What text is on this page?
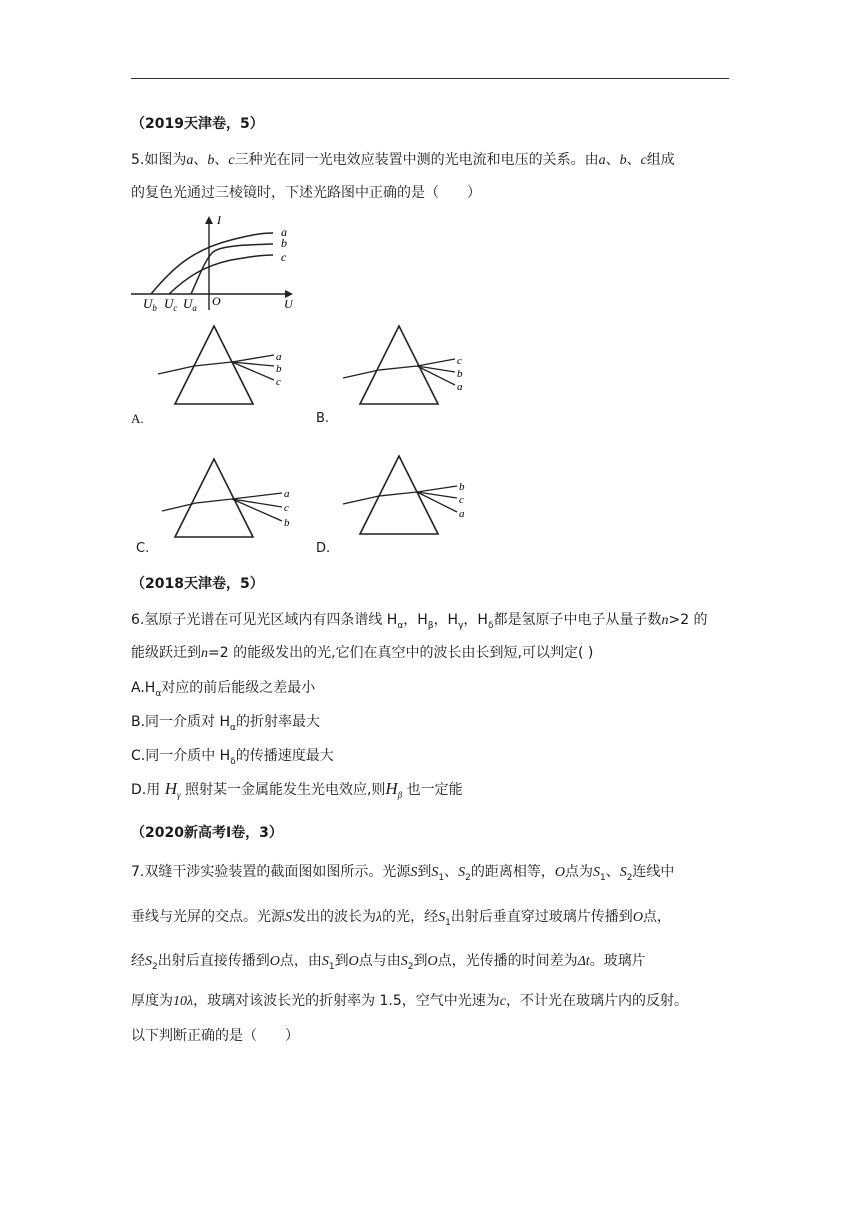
（2019天津卷，5）
5.如图为a、b、c三种光在同一光电效应装置中测的光电流和电压的关系。由a、b、c组成
的复色光通过三棱镜时，下述光路图中正确的是（　　）
I
a
b
c
$U_b$ $U_c$ $U_a$ O	U
a
b
c
A.
c
b
a
B.
a
c
b
C.
b
c
a
D.
（2018天津卷，5）
6.氢原子光谱在可见光区域内有四条谱线 $H_\alpha$，$H_\beta$，$H_\gamma$，$H_\delta$都是氢原子中电子从量子数n>2 的
能级跃迁到n=2 的能级发出的光,它们在真空中的波长由长到短,可以判定( )
$A.H_\alpha$对应的前后能级之差最小
B.同一介质对 $H_\alpha$的折射率最大
C.同一介质中 $H_\delta$的传播速度最大
D.用 $H_\gamma$ 照射某一金属能发生光电效应,则$H_\beta$ 也一定能
（2020新高考Ⅰ卷，3）
7.双缝干涉实验装置的截面图如图所示。光源S到$S_1$、$S_2$的距离相等，O点为$S_1$、$S_2$连线中
垂线与光屏的交点。光源S发出的波长为λ的光，经$S_1$出射后垂直穿过玻璃片传播到O点，
经$S_2$出射后直接传播到O点，由$S_1$到O点与由$S_2$到O点，光传播的时间差为Δt。玻璃片
厚度为10λ，玻璃对该波长光的折射率为 1.5，空气中光速为c，不计光在玻璃片内的反射。
以下判断正确的是（　　）
